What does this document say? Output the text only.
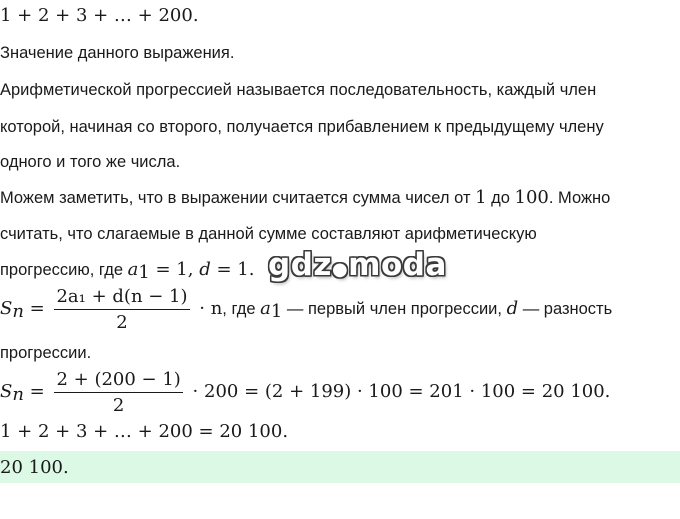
1 + 2 + 3 + … + 200.
Значение данного выражения.
Арифметической прогрессией называется последовательность, каждый член
которой, начиная со второго, получается прибавлением к предыдущему члену
одного и того же числа.
Можем заметить, что в выражении считается сумма чисел от 1 до 100. Можно
считать, что слагаемые в данной сумме составляют арифметическую
прогрессию, где $a_1 = 1$, d = 1.
$S_n = \frac{\text{2a₁ + d(n − 1)}}{2} \cdot n$, где $a_1$ — первый член прогрессии, d — разность
прогрессии.
$S_n = \frac{2 + (200 - 1)}{2} \cdot 200 = (2 + 199) \cdot 100 = 201 \cdot 100 = 20$ 100.
1 + 2 + 3 + … + 200 = 20 100.
20 100.
gdz●moda
